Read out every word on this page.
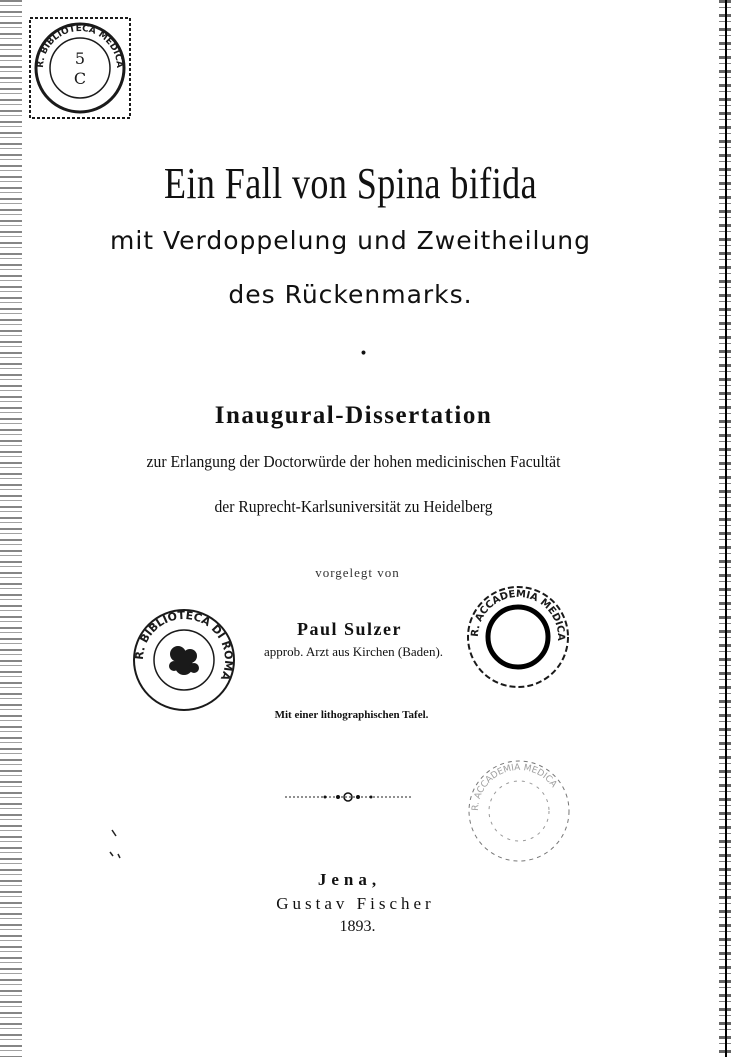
R. BIBLIOTECA MEDICA
5
C
Ein Fall von Spina bifida
mit Verdoppelung und Zweitheilung
des Rückenmarks.
•
Inaugural-Dissertation
zur Erlangung der Doctorwürde der hohen medicinischen Facultät
der Ruprecht-Karlsuniversität zu Heidelberg
vorgelegt von
Paul Sulzer
approb. Arzt aus Kirchen (Baden).
Mit einer lithographischen Tafel.
R. BIBLIOTECA DI ROMA
R. ACCADEMIA MEDICA
R. ACCADEMIA MEDICA
Jena,
Gustav Fischer
1893.
